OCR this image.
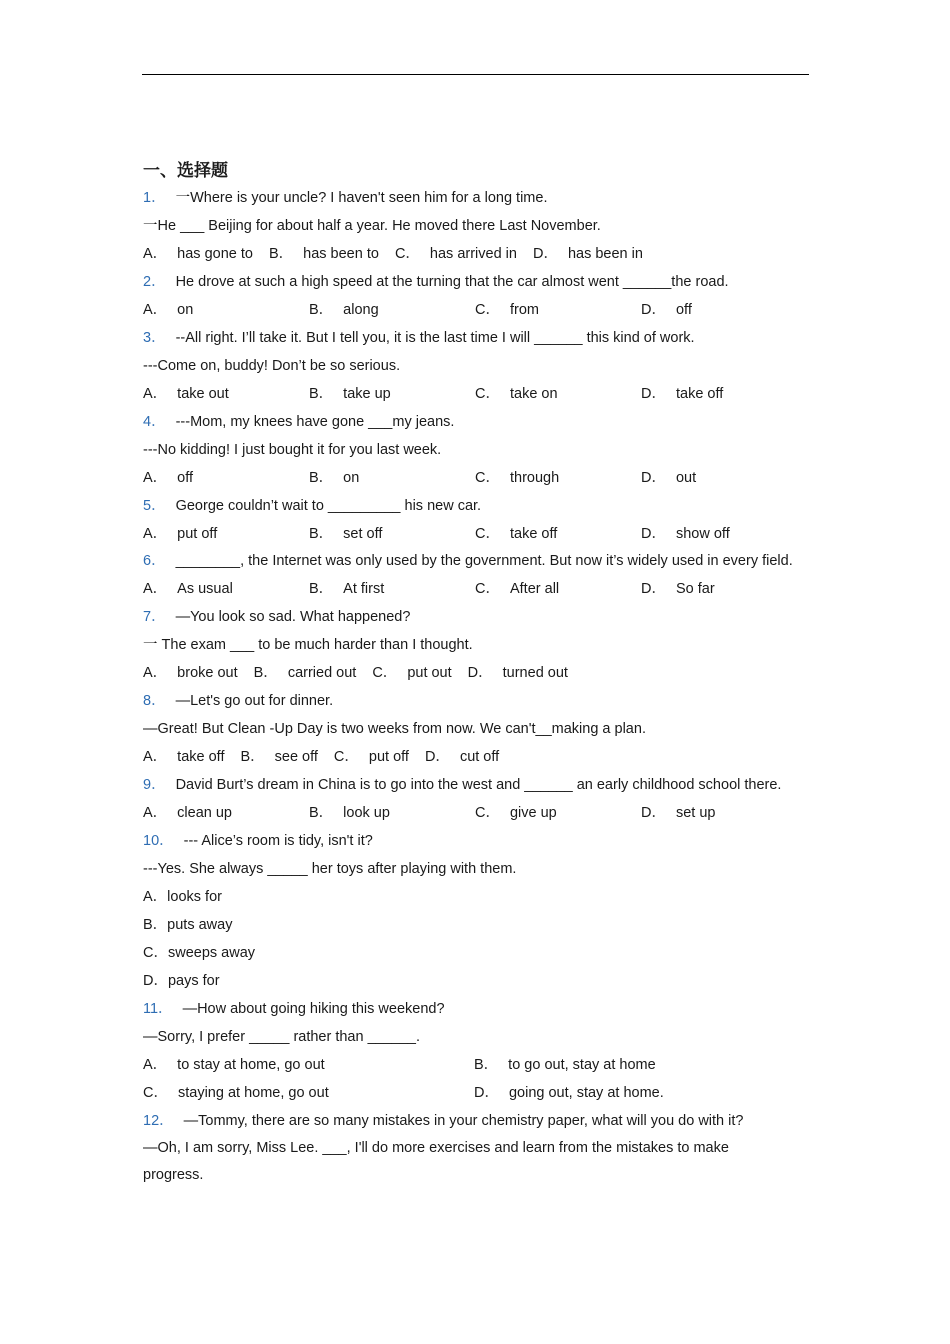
一、选择题
1． 一Where is your uncle? I haven't seen him for a long time.
一He ___ Beijing for about half a year. He moved there Last November.
A． has gone to B． has been to C． has arrived in D． has been in
2． He drove at such a high speed at the turning that the car almost went ______the road.
A． on	B． along	C． from	D． off
3． --All right. I’ll take it. But I tell you, it is the last time I will ______ this kind of work.
---Come on, buddy! Don’t be so serious.
A． take out	B． take up	C． take on	D． take off
4． ---Mom, my knees have gone ___my jeans.
---No kidding! I just bought it for you last week.
A． off	B． on	C． through	D． out
5． George couldn’t wait to _________ his new car.
A． put off	B． set off	C． take off	D． show off
6． ________, the Internet was only used by the government. But now it’s widely used in every field.
A． As usual	B． At first	C． After all	D． So far
7． —You look so sad. What happened?
一 The exam ___ to be much harder than I thought.
A． broke out B． carried out C． put out D． turned out
8． —Let's go out for dinner.
—Great! But Clean -Up Day is two weeks from now. We can't__making a plan.
A． take off B． see off C． put off D． cut off
9． David Burt’s dream in China is to go into the west and ______ an early childhood school there.
A． clean up	B． look up	C． give up	D． set up
10． --- Alice’s room is tidy, isn't it?
---Yes. She always _____ her toys after playing with them.
A．looks for
B．puts away
C．sweeps away
D．pays for
11． —How about going hiking this weekend?
—Sorry, I prefer _____ rather than ______.
A． to stay at home, go out	B． to go out, stay at home
C． staying at home, go out	D． going out, stay at home.
12． —Tommy, there are so many mistakes in your chemistry paper, what will you do with it?
—Oh, I am sorry, Miss Lee. ___, I'll do more exercises and learn from the mistakes to make progress.
